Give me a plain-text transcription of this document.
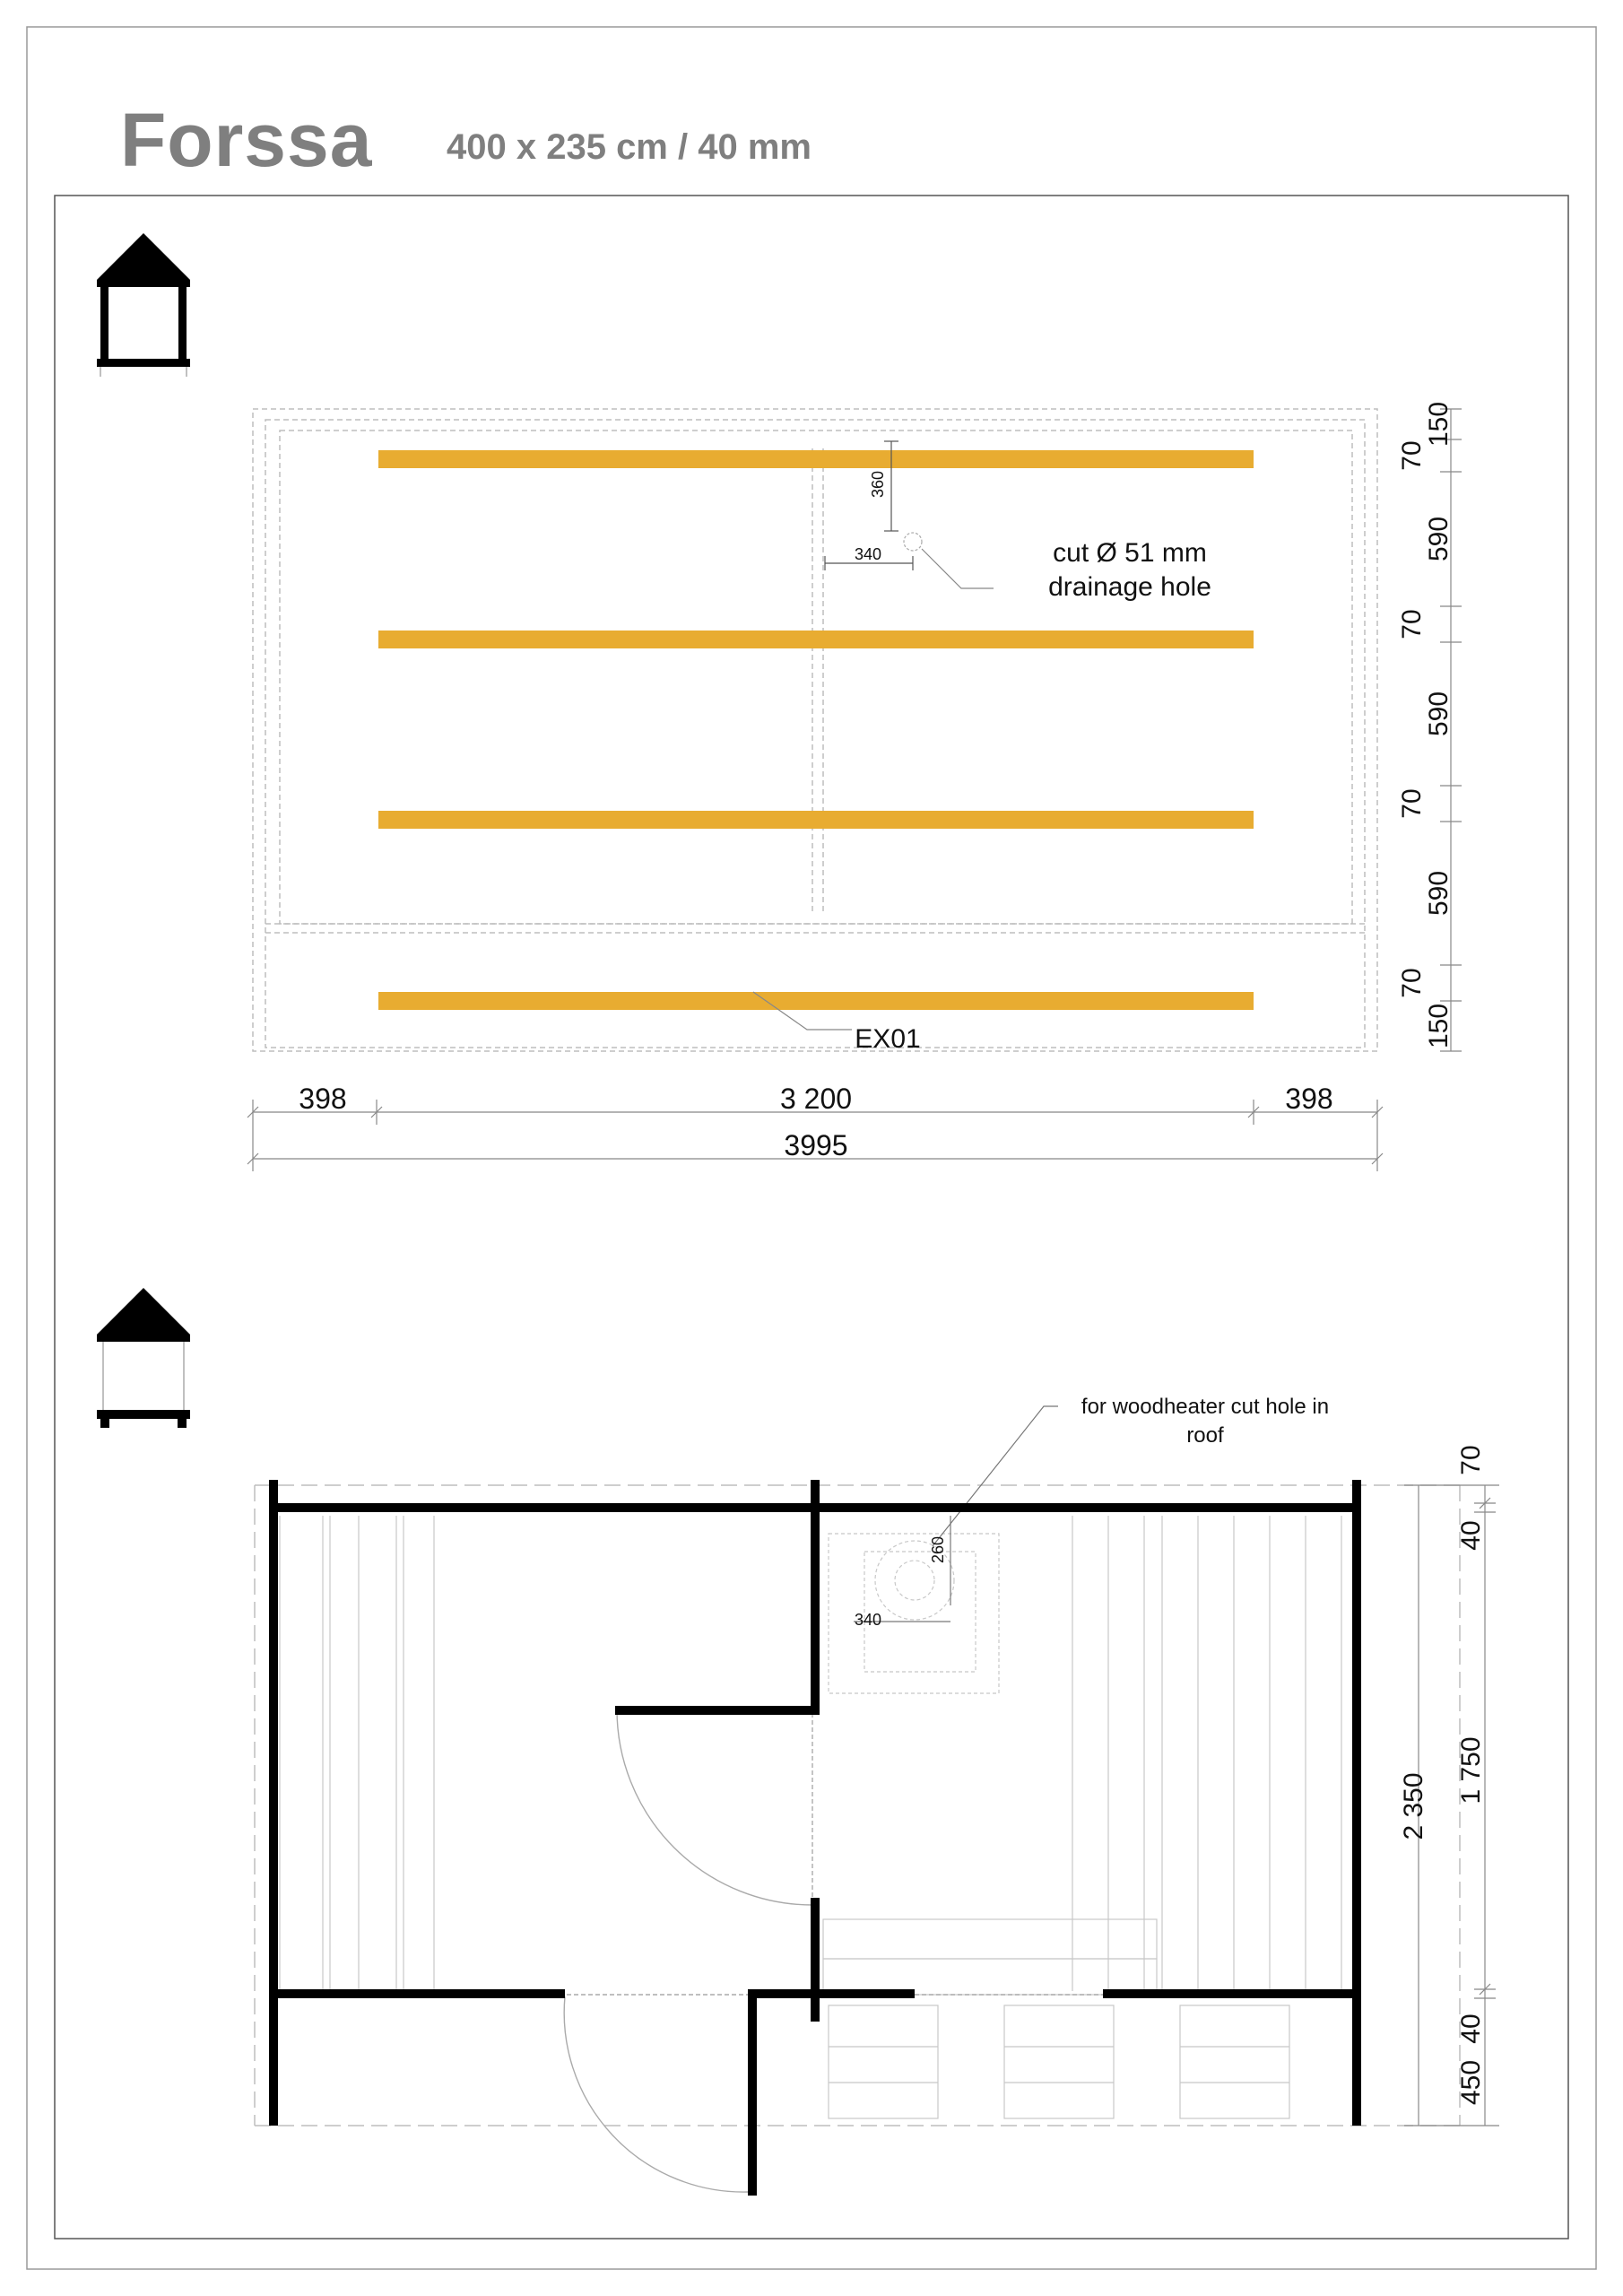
Forssa 400 x 235 cm / 40 mm
360
340	cut Ø 51 mm
drainage hole
EX01
398	3 200	398
3995
150
70
590
70
590
70
590
70
150
260
340
for woodheater cut hole in
roof
2 350
70
40
1 750
40
450
